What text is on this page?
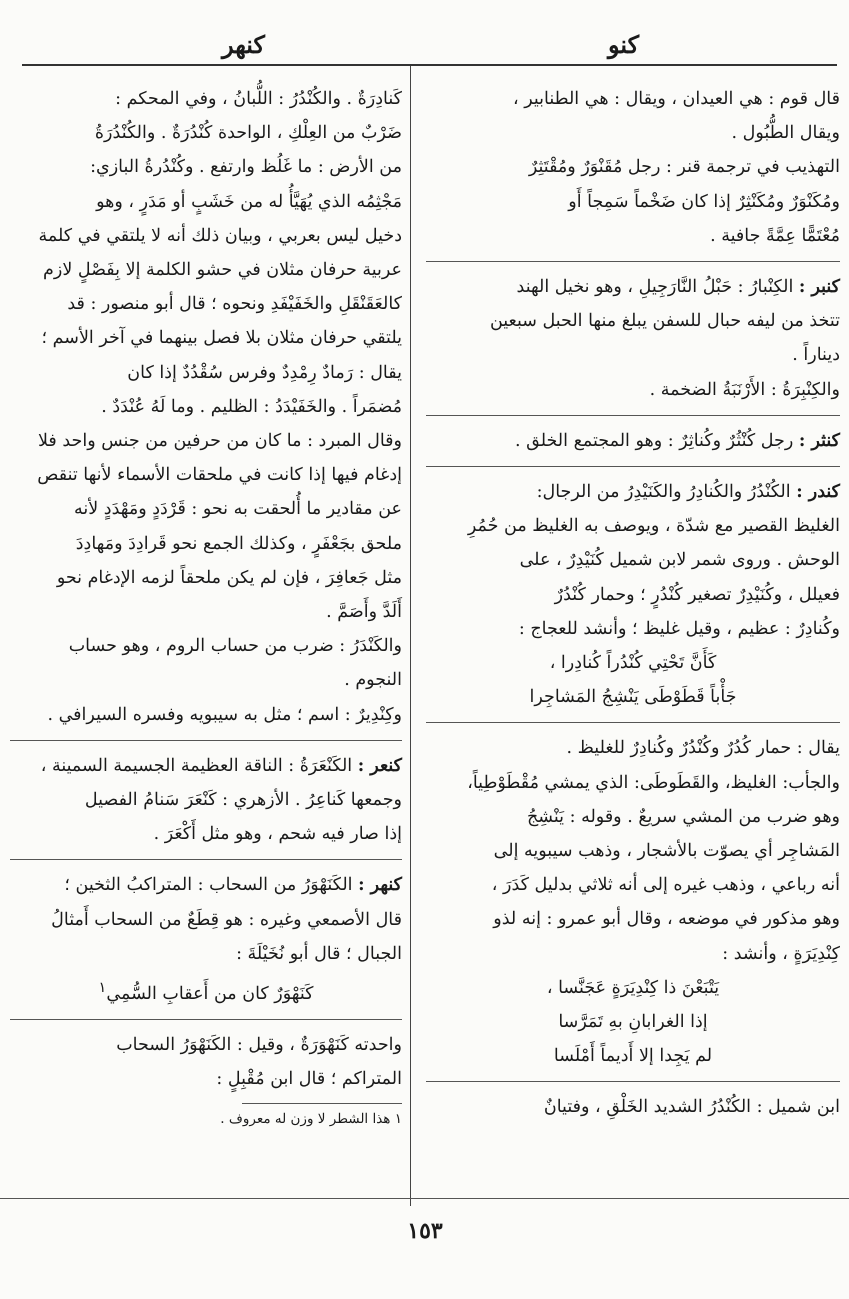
كنهر	كنو

قال قوم : هي العيدان ، ويقال : هي الطنابير ،
ويقال الطُّبُول .

التهذيب في ترجمة قنر : رجل مُقَنْوَرٌ ومُقْتَثِرٌ
ومُكَنْوَرٌ ومُكَنْثِرٌ إذا كان ضَخْماً سَمِجاً أَو
مُعْتَمًّا عِمَّةً جافية .

كنبر : الكِنْبارُ : حَبْلُ النَّارَجِيلِ ، وهو نخيل الهند
تتخذ من ليفه حبال للسفن يبلغ منها الحبل سبعين
ديناراً .
والكِنْبِرَةُ : الأَرْنَبَةُ الضخمة .

كنثر : رجل كُنْثُرٌ وكُناثِرٌ : وهو المجتمع الخلق .

كندر : الكُنْدُرُ والكُنادِرُ والكَنَيْدِرُ من الرجال:
الغليظ القصير مع شدّة ، ويوصف به الغليظ من حُمُرِ
الوحش . وروى شمر لابن شميل كُنَيْدِرٌ ، على
فعيلل ، وكُنَيْدِرٌ تصغير كُنْدُرٍ ؛ وحمار كُنْدُرٌ
وكُنادِرٌ : عظيم ، وقيل غليظ ؛ وأنشد للعجاج :

كَأَنَّ تَحْتِي كُنْدُراً كُنادِرا ،
جَأْباً قَطَوْطَى يَنْشِجُ المَشاجِرا

يقال : حمار كُدُرٌ وكُنْدُرٌ وكُنادِرٌ للغليظ .
والجأب: الغليظ، والقَطَوطَى: الذي يمشي مُقْطَوْطِياً،
وهو ضرب من المشي سريعٌ . وقوله : يَنْشِجُ
المَشاجِر أي يصوّت بالأشجار ، وذهب سيبويه إلى
أنه رباعي ، وذهب غيره إلى أنه ثلاثي بدليل كَدَرَ ،
وهو مذكور في موضعه ، وقال أبو عمرو : إنه لذو
كِنْدِيَرَةٍ ، وأنشد :

يَتْبَعْنَ ذا كِنْدِيَرَةٍ عَجَنَّسا ،
إذا الغرابانِ بهِ تَمَرَّسا
لم يَجِدا إلا أَديماً أَمْلَسا

ابن شميل : الكُنْدُرُ الشديد الخَلْقِ ، وفتيانٌ

كَنادِرَةٌ . والكُنْدُرُ : اللُّبانُ ، وفي المحكم :
ضَرْبٌ من العِلْكِ ، الواحدة كُنْدُرَةٌ . والكُنْدُرَةُ
من الأرض : ما غَلُظ وارتفع . وكُنْدُرةُ البازي:
مَجْثِمُه الذي يُهَيَّأُ له من خَشَبٍ أو مَدَرٍ ، وهو
دخيل ليس بعربي ، وبيان ذلك أنه لا يلتقي في كلمة
عربية حرفان مثلان في حشو الكلمة إلا بِفَصْلٍ لازم
كالعَقَنْقَلِ والخَفَيْفَدِ ونحوه ؛ قال أبو منصور : قد
يلتقي حرفان مثلان بلا فصل بينهما في آخر الأسم ؛
يقال : رَمادٌ رِمْدِدٌ وفرس سُقْدُدٌ إذا كان
مُضمَراً . والخَفَيْدَدُ : الظليم . وما لَهُ عُنْدَدٌ .
وقال المبرد : ما كان من حرفين من جنس واحد فلا
إدغام فيها إذا كانت في ملحقات الأسماء لأنها تنقص
عن مقادير ما أُلحقت به نحو : قَرْدَدٍ ومَهْدَدٍ لأنه
ملحق بجَعْفَرٍ ، وكذلك الجمع نحو قَرادِدَ ومَهادِدَ
مثل جَعافِرَ ، فإن لم يكن ملحقاً لزمه الإدغام نحو
أَلَدَّ وأَصَمَّ .
والكَنْدَرُ : ضرب من حساب الروم ، وهو حساب
النجوم .
وكِنْدِيرٌ : اسم ؛ مثل به سيبويه وفسره السيرافي .

كنعر : الكَنْعَرَةُ : الناقة العظيمة الجسيمة السمينة ،
وجمعها كَناعِرُ . الأزهري : كَنْعَرَ سَنامُ الفصيل
إذا صار فيه شحم ، وهو مثل أَكْعَرَ .

كنهر : الكَنَهْوَرُ من السحاب : المتراكبُ الثخين ؛
قال الأصمعي وغيره : هو قِطَعٌ من السحاب أَمثالُ
الجبال ؛ قال أبو نُخَيْلَةَ :

كَنَهْوَرٌ كان من أَعقابِ السُّمِي$^١$

واحدته كَنَهْوَرَةٌ ، وقيل : الكَنَهْوَرُ السحاب
المتراكم ؛ قال ابن مُقْبِلٍ :

١ هذا الشطر لا وزن له معروف .

١٥٣
